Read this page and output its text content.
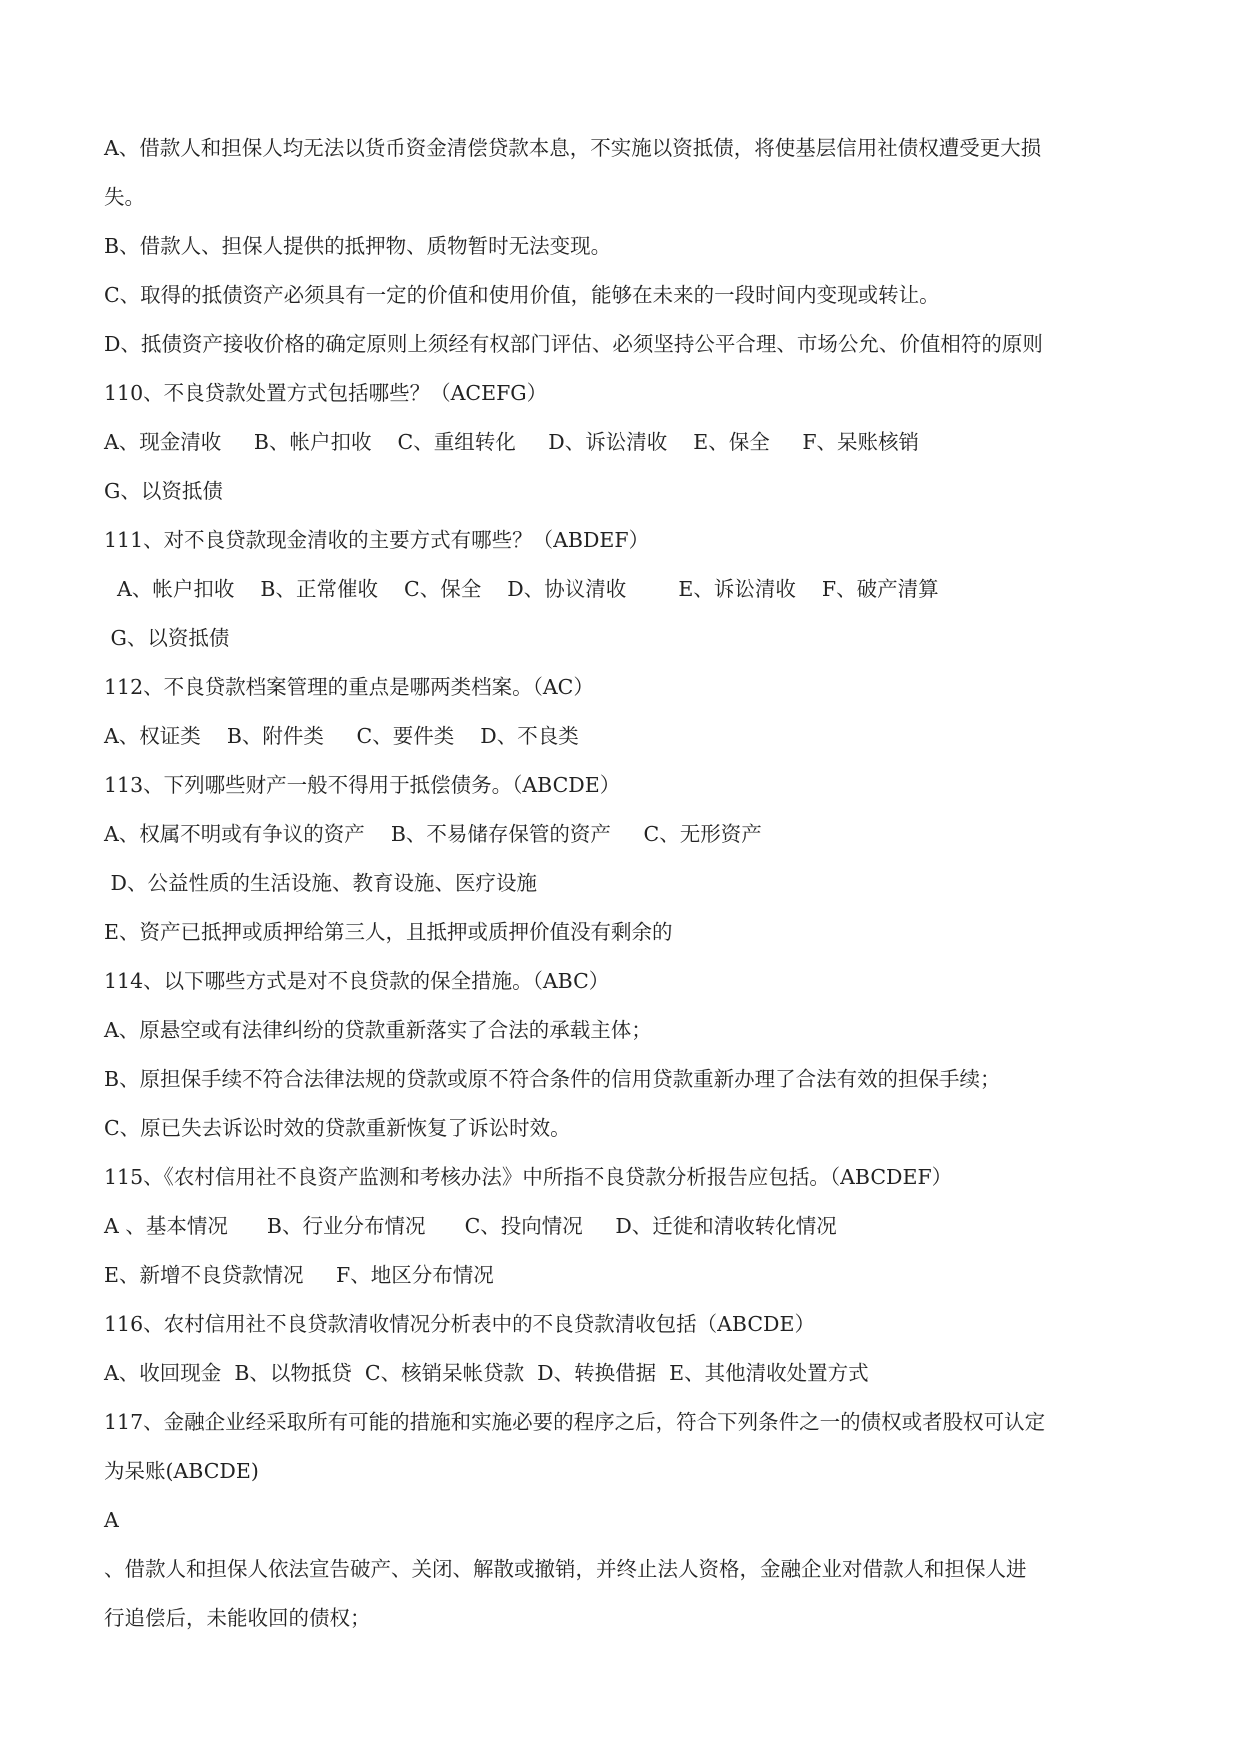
A、借款人和担保人均无法以货币资金清偿贷款本息，不实施以资抵债，将使基层信用社债权遭受更大损

失。

B、借款人、担保人提供的抵押物、质物暂时无法变现。

C、取得的抵债资产必须具有一定的价值和使用价值，能够在未来的一段时间内变现或转让。

D、抵债资产接收价格的确定原则上须经有权部门评估、必须坚持公平合理、市场公允、价值相符的原则

110、不良贷款处置方式包括哪些？（ACEFG）

A、现金清收     B、帐户扣收    C、重组转化     D、诉讼清收    E、保全     F、呆账核销

G、以资抵债

111、对不良贷款现金清收的主要方式有哪些？（ABDEF）

A、帐户扣收    B、正常催收    C、保全    D、协议清收        E、诉讼清收    F、破产清算

G、以资抵债

112、不良贷款档案管理的重点是哪两类档案。（AC）

A、权证类    B、附件类     C、要件类    D、不良类

113、下列哪些财产一般不得用于抵偿债务。（ABCDE）

A、权属不明或有争议的资产    B、不易储存保管的资产     C、无形资产

D、公益性质的生活设施、教育设施、医疗设施

E、资产已抵押或质押给第三人，且抵押或质押价值没有剩余的

114、以下哪些方式是对不良贷款的保全措施。（ABC）

A、原悬空或有法律纠纷的贷款重新落实了合法的承载主体；

B、原担保手续不符合法律法规的贷款或原不符合条件的信用贷款重新办理了合法有效的担保手续；

C、原已失去诉讼时效的贷款重新恢复了诉讼时效。

115、《农村信用社不良资产监测和考核办法》中所指不良贷款分析报告应包括。（ABCDEF）

A 、基本情况      B、行业分布情况      C、投向情况     D、迁徙和清收转化情况

E、新增不良贷款情况     F、地区分布情况

116、农村信用社不良贷款清收情况分析表中的不良贷款清收包括（ABCDE）

A、收回现金  B、以物抵贷  C、核销呆帐贷款  D、转换借据  E、其他清收处置方式

117、金融企业经采取所有可能的措施和实施必要的程序之后，符合下列条件之一的债权或者股权可认定

为呆账(ABCDE)

A

、借款人和担保人依法宣告破产、关闭、解散或撤销，并终止法人资格，金融企业对借款人和担保人进

行追偿后，未能收回的债权；
